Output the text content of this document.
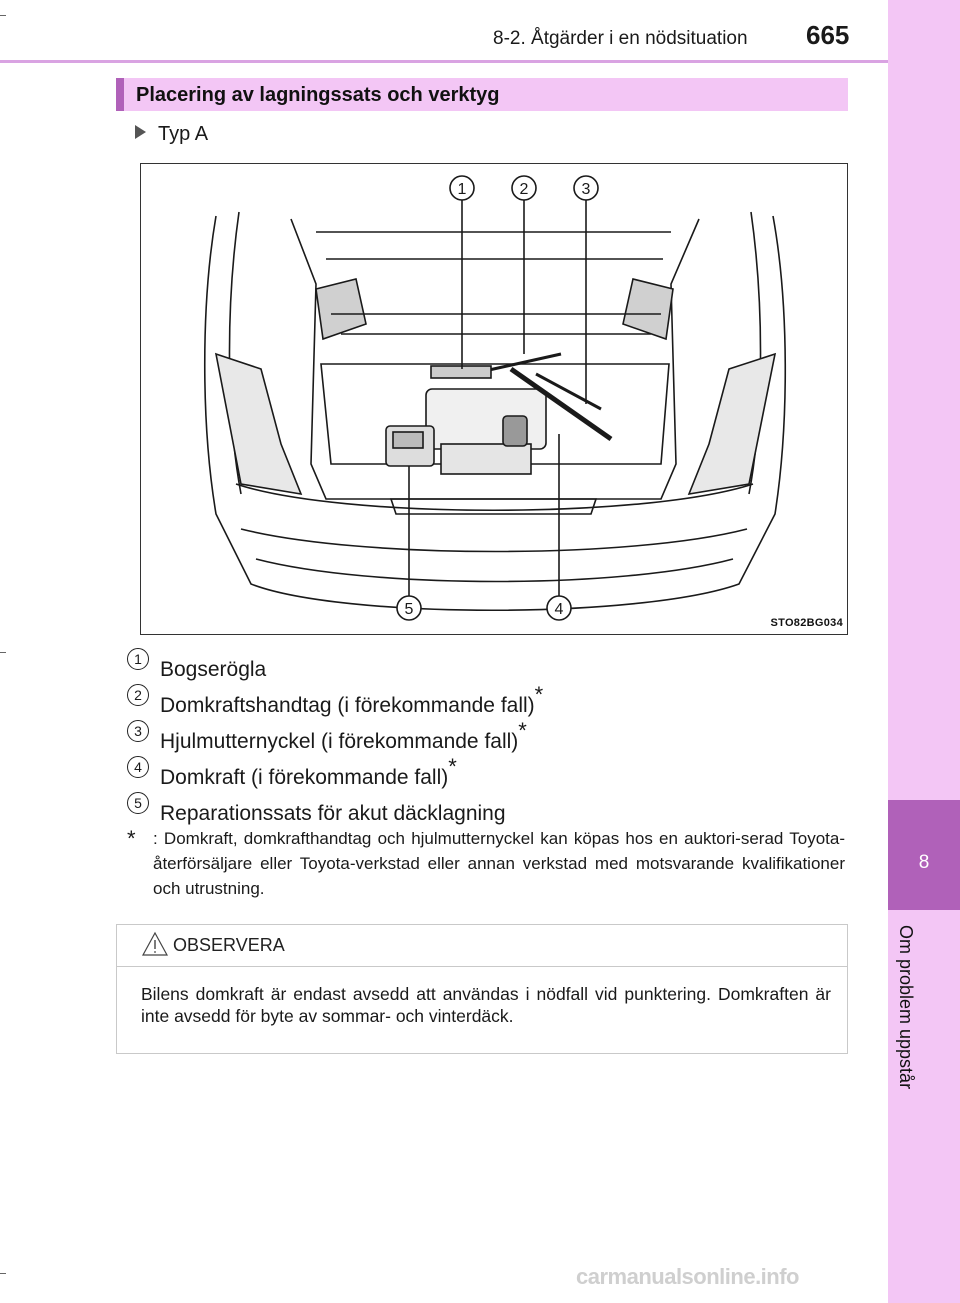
8-2. Åtgärder i en nödsituation 665
8
Om problem uppstår
Placering av lagningssats och verktyg
Typ A
1	2	3
5	4
STO82BG034
1 Bogserögla
2 Domkraftshandtag (i förekommande fall)*
3 Hjulmutternyckel (i förekommande fall)*
4 Domkraft (i förekommande fall)*
5 Reparationssats för akut däcklagning
*	: Domkraft, domkrafthandtag och hjulmutternyckel kan köpas hos en auktori-serad Toyota-återförsäljare eller Toyota-verkstad eller annan verkstad med motsvarande kvalifikationer och utrustning.
OBSERVERA
Bilens domkraft är endast avsedd att användas i nödfall vid punktering. Domkraften är inte avsedd för byte av sommar- och vinterdäck.
carmanualsonline.info
